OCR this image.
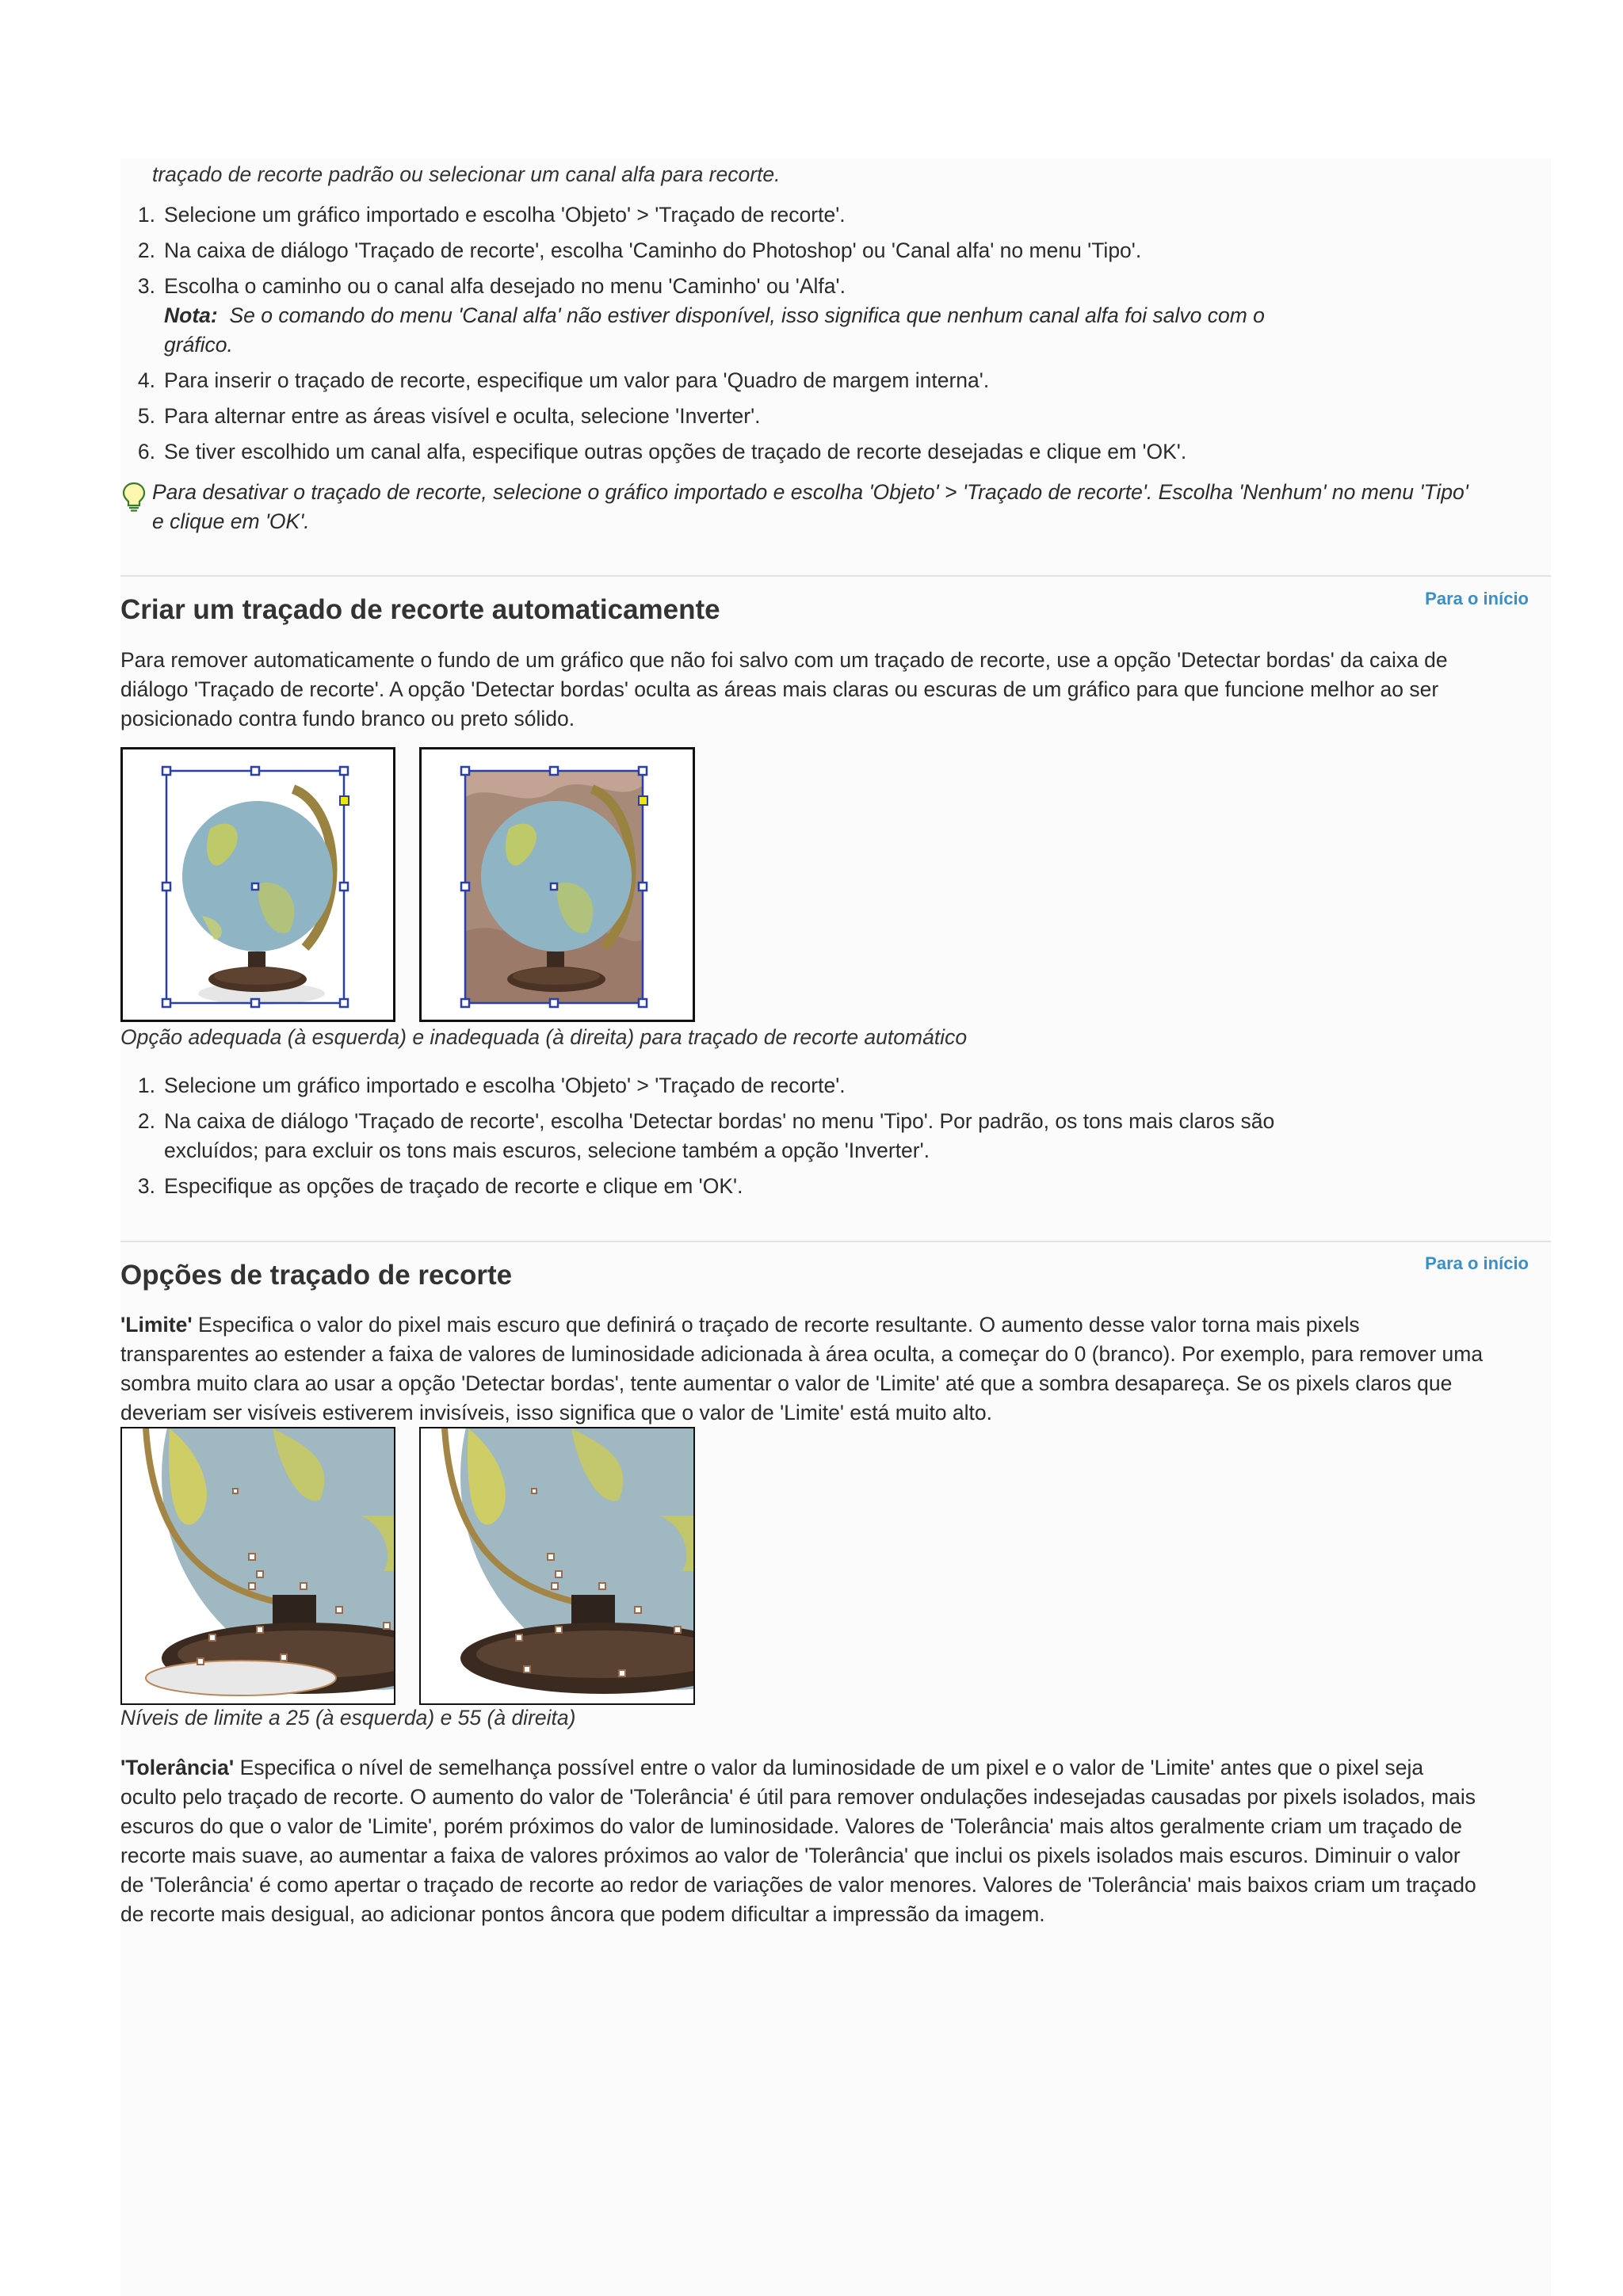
traçado de recorte padrão ou selecionar um canal alfa para recorte.
1. Selecione um gráfico importado e escolha 'Objeto' > 'Traçado de recorte'.
2. Na caixa de diálogo 'Traçado de recorte', escolha 'Caminho do Photoshop' ou 'Canal alfa' no menu 'Tipo'.
3. Escolha o caminho ou o canal alfa desejado no menu 'Caminho' ou 'Alfa'.
Nota: Se o comando do menu 'Canal alfa' não estiver disponível, isso significa que nenhum canal alfa foi salvo com o
gráfico.
4. Para inserir o traçado de recorte, especifique um valor para 'Quadro de margem interna'.
5. Para alternar entre as áreas visível e oculta, selecione 'Inverter'.
6. Se tiver escolhido um canal alfa, especifique outras opções de traçado de recorte desejadas e clique em 'OK'.
Para desativar o traçado de recorte, selecione o gráfico importado e escolha 'Objeto' > 'Traçado de recorte'. Escolha 'Nenhum' no menu 'Tipo'
e clique em 'OK'.
Criar um traçado de recorte automaticamente	Para o início
Para remover automaticamente o fundo de um gráfico que não foi salvo com um traçado de recorte, use a opção 'Detectar bordas' da caixa de
diálogo 'Traçado de recorte'. A opção 'Detectar bordas' oculta as áreas mais claras ou escuras de um gráfico para que funcione melhor ao ser
posicionado contra fundo branco ou preto sólido.
Opção adequada (à esquerda) e inadequada (à direita) para traçado de recorte automático
1. Selecione um gráfico importado e escolha 'Objeto' > 'Traçado de recorte'.
2. Na caixa de diálogo 'Traçado de recorte', escolha 'Detectar bordas' no menu 'Tipo'. Por padrão, os tons mais claros são
excluídos; para excluir os tons mais escuros, selecione também a opção 'Inverter'.
3. Especifique as opções de traçado de recorte e clique em 'OK'.
Opções de traçado de recorte	Para o início
'Limite' Especifica o valor do pixel mais escuro que definirá o traçado de recorte resultante. O aumento desse valor torna mais pixels
transparentes ao estender a faixa de valores de luminosidade adicionada à área oculta, a começar do 0 (branco). Por exemplo, para remover uma
sombra muito clara ao usar a opção 'Detectar bordas', tente aumentar o valor de 'Limite' até que a sombra desapareça. Se os pixels claros que
deveriam ser visíveis estiverem invisíveis, isso significa que o valor de 'Limite' está muito alto.
Níveis de limite a 25 (à esquerda) e 55 (à direita)
'Tolerância' Especifica o nível de semelhança possível entre o valor da luminosidade de um pixel e o valor de 'Limite' antes que o pixel seja
oculto pelo traçado de recorte. O aumento do valor de 'Tolerância' é útil para remover ondulações indesejadas causadas por pixels isolados, mais
escuros do que o valor de 'Limite', porém próximos do valor de luminosidade. Valores de 'Tolerância' mais altos geralmente criam um traçado de
recorte mais suave, ao aumentar a faixa de valores próximos ao valor de 'Tolerância' que inclui os pixels isolados mais escuros. Diminuir o valor
de 'Tolerância' é como apertar o traçado de recorte ao redor de variações de valor menores. Valores de 'Tolerância' mais baixos criam um traçado
de recorte mais desigual, ao adicionar pontos âncora que podem dificultar a impressão da imagem.
